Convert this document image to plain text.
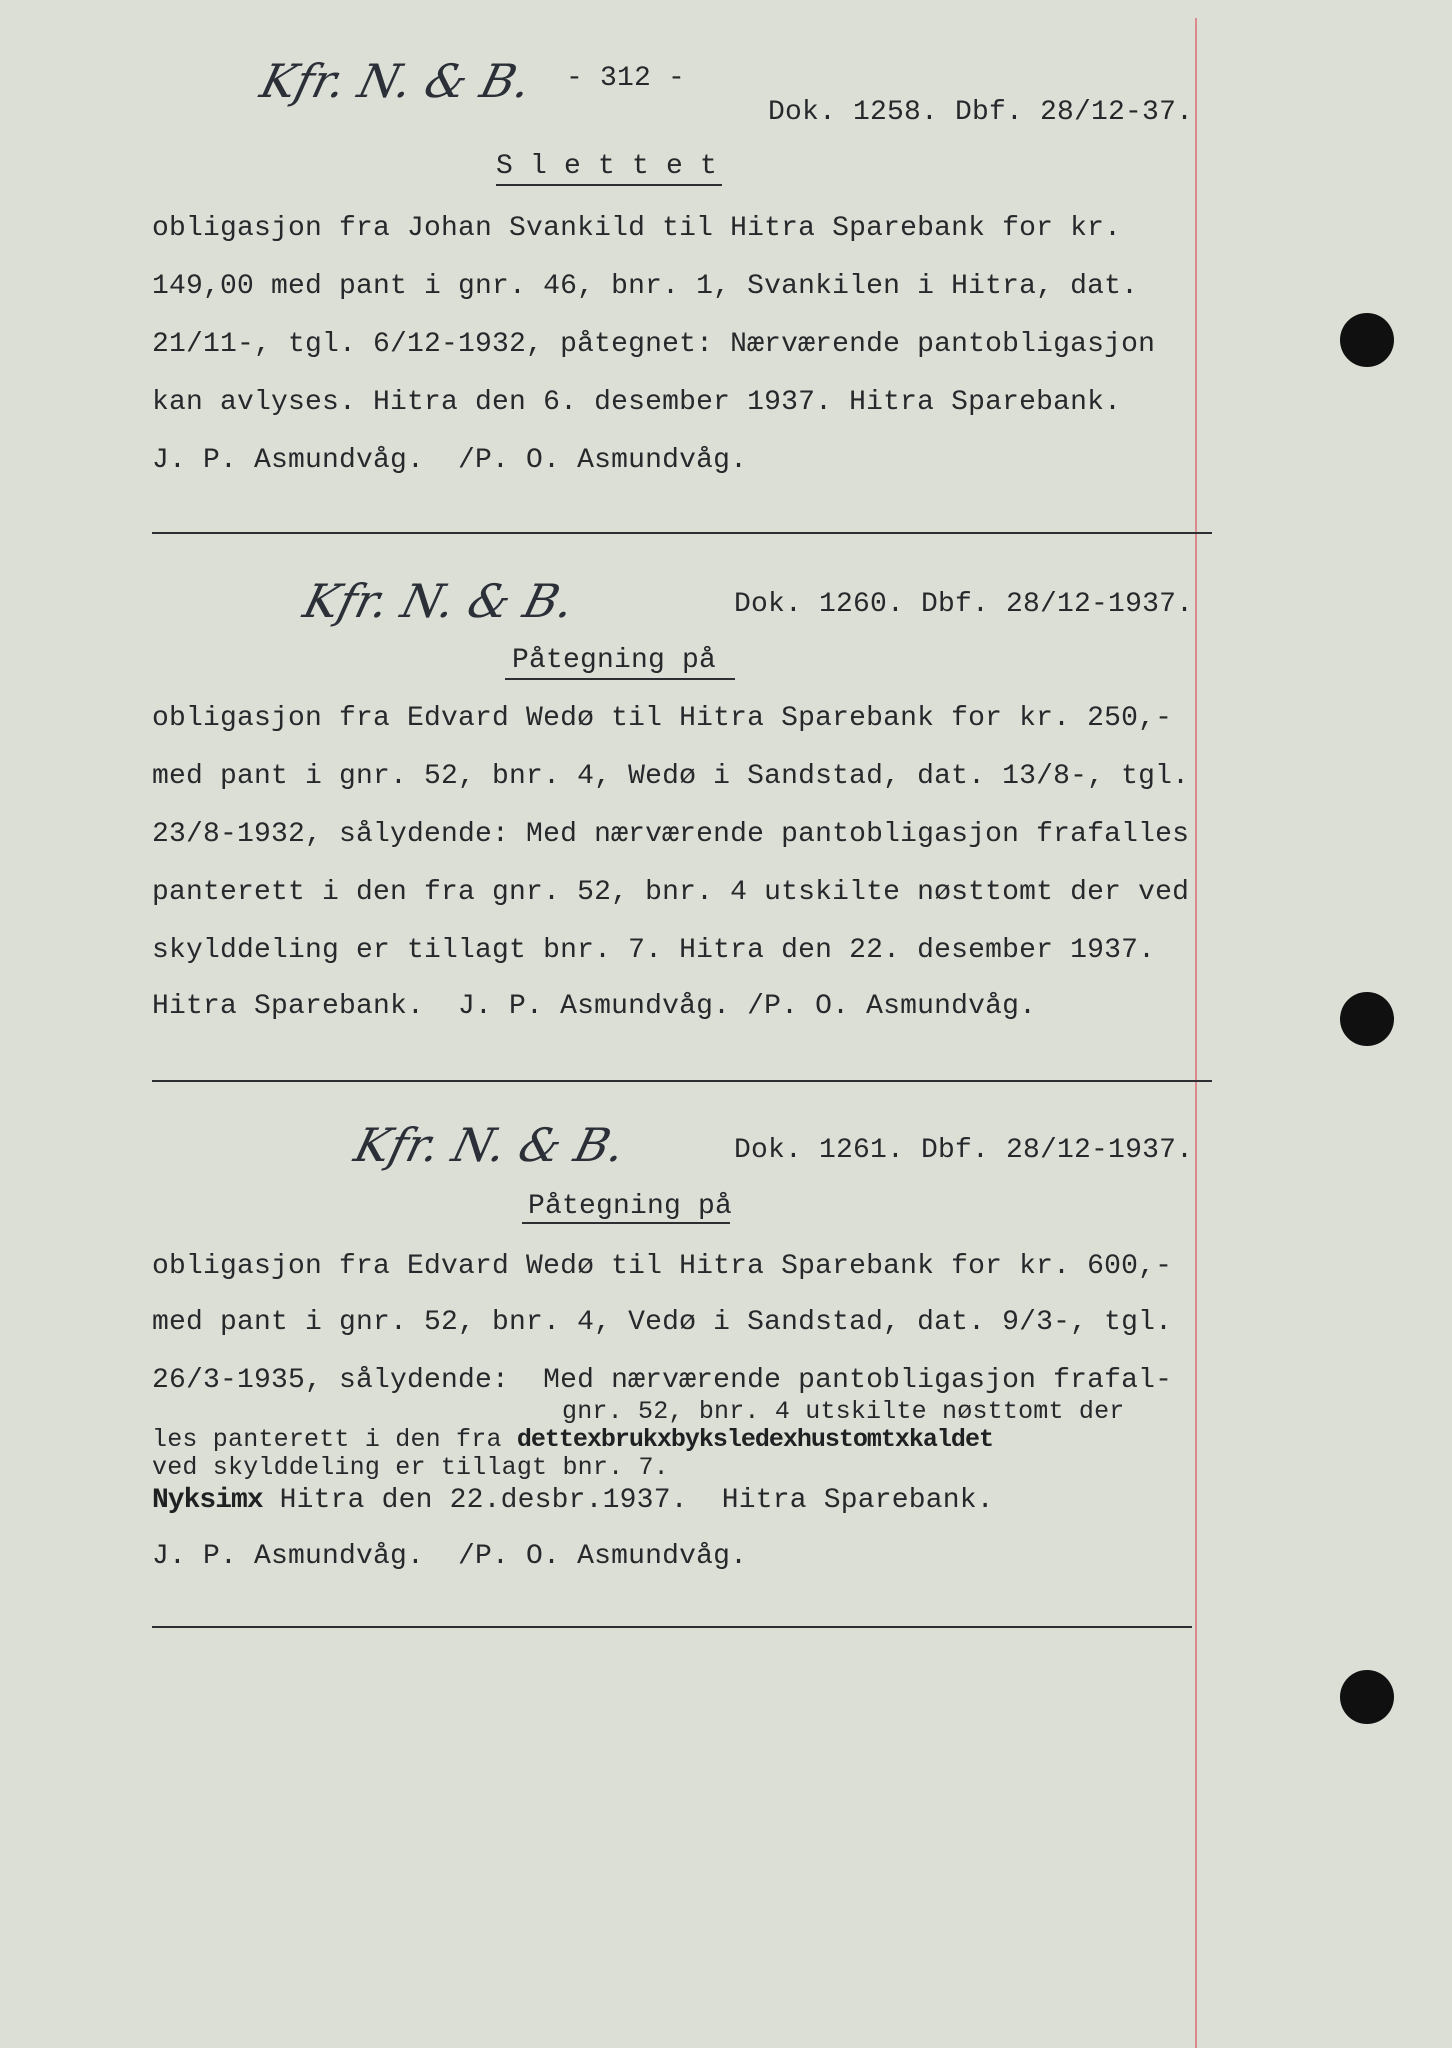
Kfr. N. & B. - 312 -
Dok. 1258. Dbf. 28/12-37.
S l e t t e t
obligasjon fra Johan Svankild til Hitra Sparebank for kr.
149,00 med pant i gnr. 46, bnr. 1, Svankilen i Hitra, dat.
21/11-, tgl. 6/12-1932, påtegnet: Nærværende pantobligasjon
kan avlyses. Hitra den 6. desember 1937. Hitra Sparebank.
J. P. Asmundvåg.  /P. O. Asmundvåg.
Kfr. N. & B.	Dok. 1260. Dbf. 28/12-1937.
Påtegning på
obligasjon fra Edvard Wedø til Hitra Sparebank for kr. 250,-
med pant i gnr. 52, bnr. 4, Wedø i Sandstad, dat. 13/8-, tgl.
23/8-1932, sålydende: Med nærværende pantobligasjon frafalles
panterett i den fra gnr. 52, bnr. 4 utskilte nøsttomt der ved
skylddeling er tillagt bnr. 7. Hitra den 22. desember 1937.
Hitra Sparebank.  J. P. Asmundvåg. /P. O. Asmundvåg.
Kfr. N. & B.	Dok. 1261. Dbf. 28/12-1937.
Påtegning på
obligasjon fra Edvard Wedø til Hitra Sparebank for kr. 600,-
med pant i gnr. 52, bnr. 4, Vedø i Sandstad, dat. 9/3-, tgl.
26/3-1935, sålydende:  Med nærværende pantobligasjon frafal-
gnr. 52, bnr. 4 utskilte nøsttomt der
les panterett i den fra dettexbrukxbyksledexhustomtxkaldet
ved skylddeling er tillagt bnr. 7.
Nyksimx Hitra den 22.desbr.1937.  Hitra Sparebank.
J. P. Asmundvåg.  /P. O. Asmundvåg.
